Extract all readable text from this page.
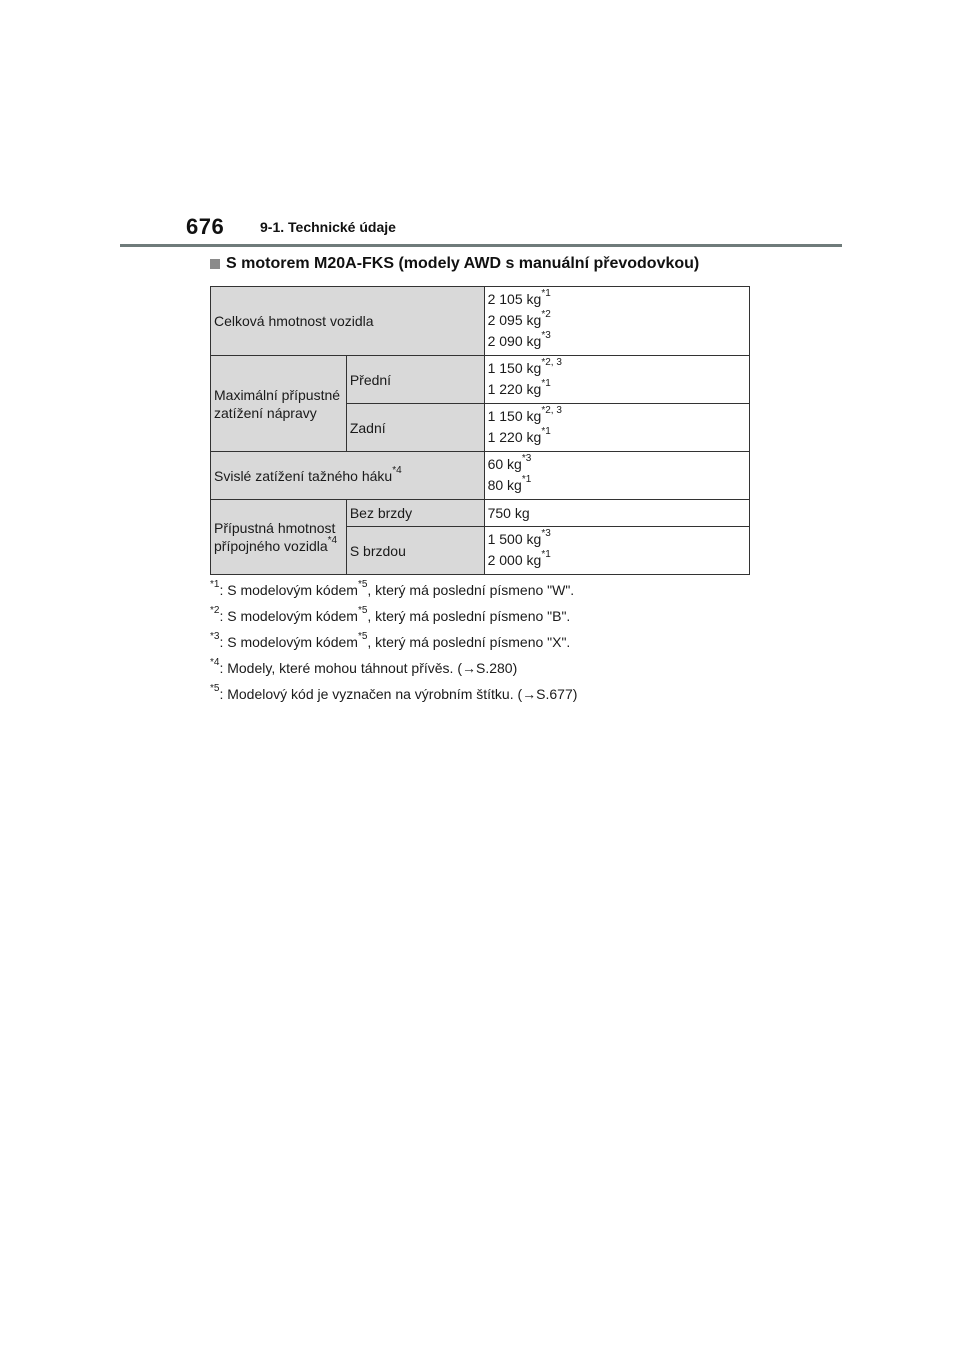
676	9-1. Technické údaje
S motorem M20A-FKS (modely AWD s manuální převodovkou)
Celková hmotnost vozidla		2 105 $kg^{*1}$
2 095 $kg^{*2}$
2 090 $kg^{*3}$

Maximální přípustné zatížení nápravy	Přední	1 150 kg$^{*2, 3}$
1 220 $kg^{*1}$

	Zadní	1 150 kg$^{*2, 3}$
1 220 $kg^{*1}$

Svislé zatížení tažného háku$^{*4}$		60 $kg^{*3}$
80 $kg^{*1}$

Přípustná hmotnost přípojného vozidla$^{*4}$	Bez brzdy	750 kg
	S brzdou	1 500 $kg^{*3}$
2 000 $kg^{*1}$

$^{*1}$: S modelovým kódem$^{*5}$, který má poslední písmeno "W".

$^{*2}$: S modelovým kódem$^{*5}$, který má poslední písmeno "B".

$^{*3}$: S modelovým kódem$^{*5}$, který má poslední písmeno "X".

$^{*4}$: Modely, které mohou táhnout přívěs. (→S.280)

$^{*5}$: Modelový kód je vyznačen na výrobním štítku. (→S.677)
